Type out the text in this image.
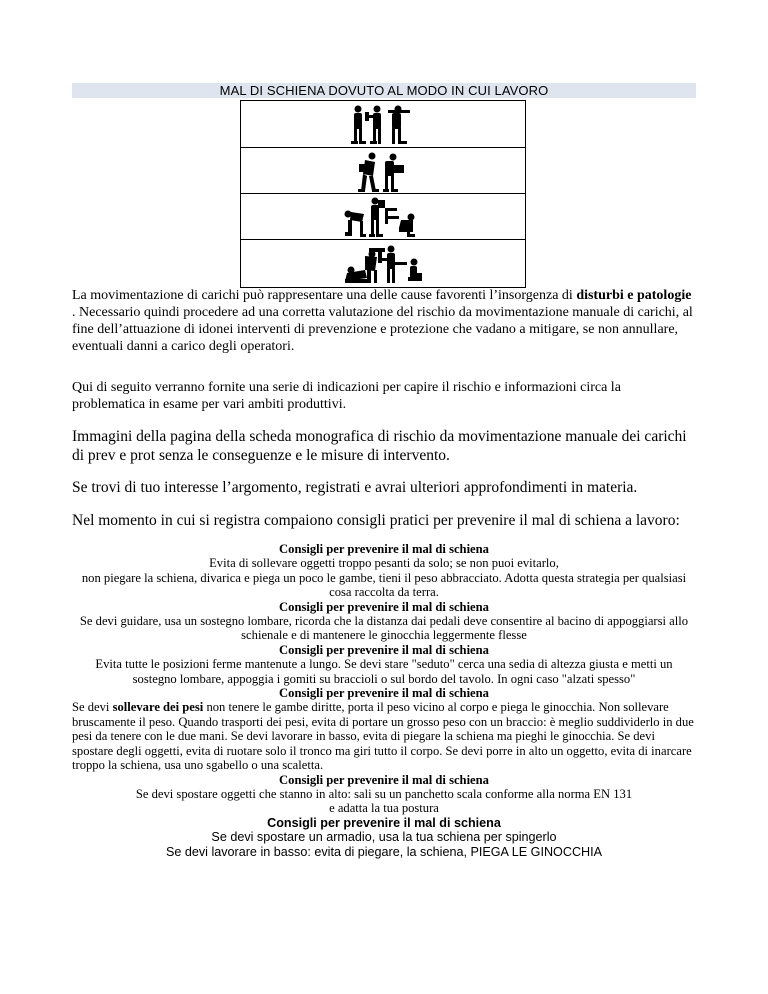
MAL DI SCHIENA DOVUTO AL MODO IN CUI LAVORO

La movimentazione di carichi può rappresentare una delle cause favorenti l’insorgenza di disturbi e patologie . Necessario quindi procedere ad una corretta valutazione del rischio da movimentazione manuale di carichi, al fine dell’attuazione di idonei interventi di prevenzione e protezione che vadano a mitigare, se non annullare, eventuali danni a carico degli operatori.

Qui di seguito verranno fornite una serie di indicazioni per capire il rischio e informazioni circa la problematica in esame per vari ambiti produttivi.

Immagini della pagina della scheda monografica di rischio da movimentazione manuale dei carichi di prev e prot senza le conseguenze e le misure di intervento.

Se trovi di tuo interesse l’argomento, registrati e avrai ulteriori approfondimenti in materia.

Nel momento in cui si registra compaiono consigli pratici per prevenire il mal di schiena a lavoro:

Consigli per prevenire il mal di schiena
Evita di sollevare oggetti troppo pesanti da solo; se non puoi evitarlo,
non piegare la schiena, divarica e piega un poco le gambe, tieni il peso abbracciato. Adotta questa strategia per qualsiasi cosa raccolta da terra.
Consigli per prevenire il mal di schiena
Se devi guidare, usa un sostegno lombare, ricorda che la distanza dai pedali deve consentire al bacino di appoggiarsi allo schienale e di mantenere le ginocchia leggermente flesse
Consigli per prevenire il mal di schiena
Evita tutte le posizioni ferme mantenute a lungo. Se devi stare "seduto" cerca una sedia di altezza giusta e metti un sostegno lombare, appoggia i gomiti su braccioli o sul bordo del tavolo. In ogni caso "alzati spesso"
Consigli per prevenire il mal di schiena
Se devi sollevare dei pesi non tenere le gambe diritte, porta il peso vicino al corpo e piega le ginocchia. Non sollevare bruscamente il peso. Quando trasporti dei pesi, evita di portare un grosso peso con un braccio: è meglio suddividerlo in due pesi da tenere con le due mani. Se devi lavorare in basso, evita di piegare la schiena ma pieghi le ginocchia. Se devi spostare degli oggetti, evita di ruotare solo il tronco ma giri tutto il corpo. Se devi porre in alto un oggetto, evita di inarcare troppo la schiena, usa uno sgabello o una scaletta.
Consigli per prevenire il mal di schiena
Se devi spostare oggetti che stanno in alto: sali su un panchetto scala conforme alla norma EN 131
e adatta la tua postura
Consigli per prevenire il mal di schiena
Se devi spostare un armadio, usa la tua schiena per spingerlo
Se devi lavorare in basso: evita di piegare, la schiena, PIEGA LE GINOCCHIA
